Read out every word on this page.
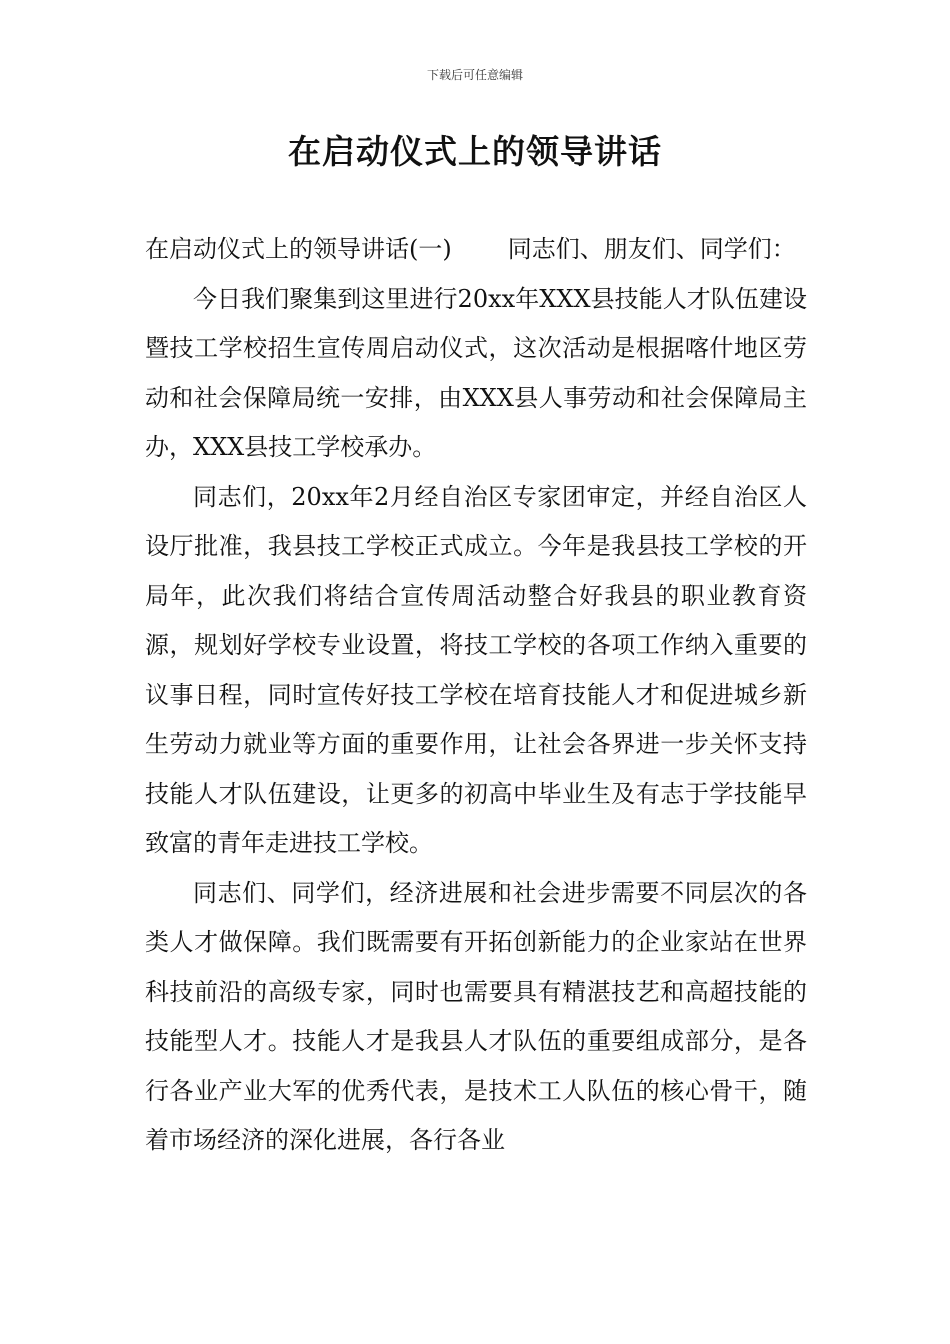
下载后可任意编辑
在启动仪式上的领导讲话

在启动仪式上的领导讲话(一) 同志们、朋友们、同学们：

今日我们聚集到这里进行20xx年XXX县技能人才队伍建设暨技工学校招生宣传周启动仪式，这次活动是根据喀什地区劳动和社会保障局统一安排，由XXX县人事劳动和社会保障局主办，XXX县技工学校承办。

同志们，20xx年2月经自治区专家团审定，并经自治区人设厅批准，我县技工学校正式成立。今年是我县技工学校的开局年，此次我们将结合宣传周活动整合好我县的职业教育资源，规划好学校专业设置，将技工学校的各项工作纳入重要的议事日程，同时宣传好技工学校在培育技能人才和促进城乡新生劳动力就业等方面的重要作用，让社会各界进一步关怀支持技能人才队伍建设，让更多的初高中毕业生及有志于学技能早致富的青年走进技工学校。

同志们、同学们，经济进展和社会进步需要不同层次的各类人才做保障。我们既需要有开拓创新能力的企业家站在世界科技前沿的高级专家，同时也需要具有精湛技艺和高超技能的技能型人才。技能人才是我县人才队伍的重要组成部分，是各行各业产业大军的优秀代表，是技术工人队伍的核心骨干，随着市场经济的深化进展，各行各业
